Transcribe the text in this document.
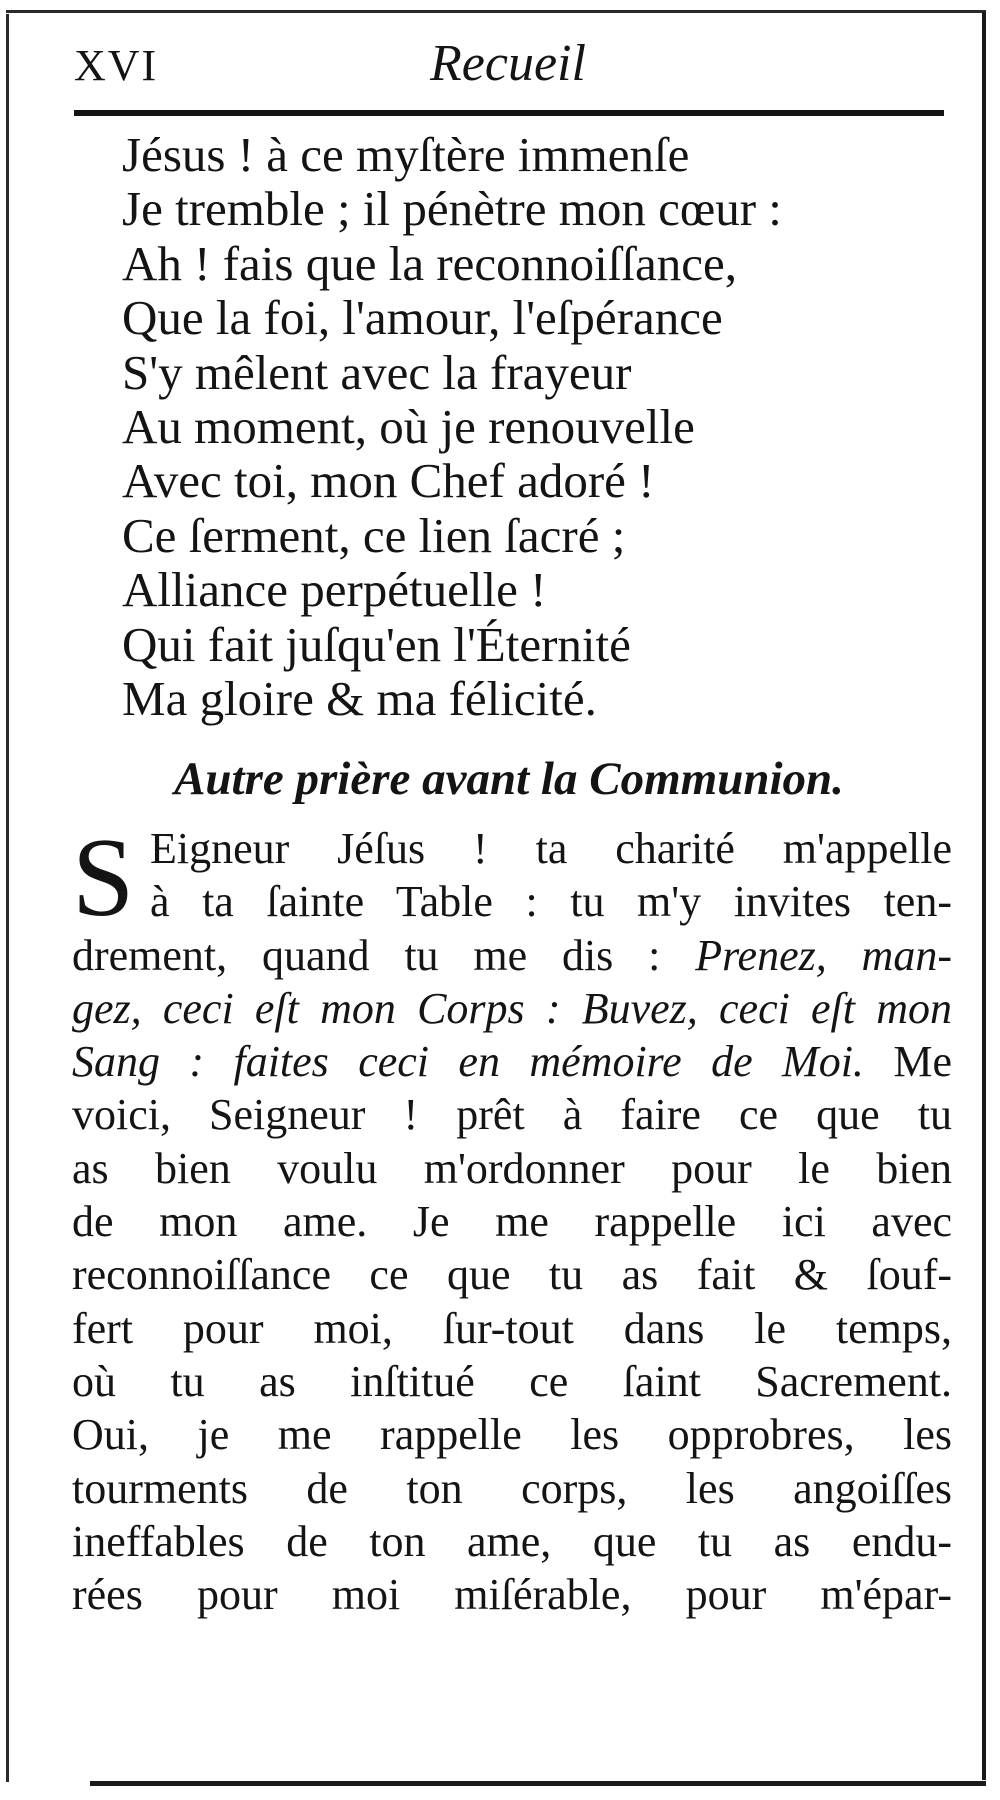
XVI	Recueil
Jésus ! à ce myſtère immenſe
Je tremble ; il pénètre mon cœur :
Ah ! fais que la reconnoiſſance,
Que la foi, l'amour, l'eſpérance
S'y mêlent avec la frayeur
Au moment, où je renouvelle
Avec toi, mon Chef adoré !
Ce ſerment, ce lien ſacré ;
Alliance perpétuelle !
Qui fait juſqu'en l'Éternité
Ma gloire & ma félicité.
Autre prière avant la Communion.
S Eigneur Jéſus ! ta charité m'appelle
à ta ſainte Table : tu m'y invites ten-
drement, quand tu me dis : Prenez, man-
gez, ceci eſt mon Corps : Buvez, ceci eſt mon
Sang : faites ceci en mémoire de Moi. Me
voici, Seigneur ! prêt à faire ce que tu
as bien voulu m'ordonner pour le bien
de mon ame. Je me rappelle ici avec
reconnoiſſance ce que tu as fait & ſouf-
fert pour moi, ſur-tout dans le temps,
où tu as inſtitué ce ſaint Sacrement.
Oui, je me rappelle les opprobres, les
tourments de ton corps, les angoiſſes
ineffables de ton ame, que tu as endu-
rées pour moi miſérable, pour m'épar-
